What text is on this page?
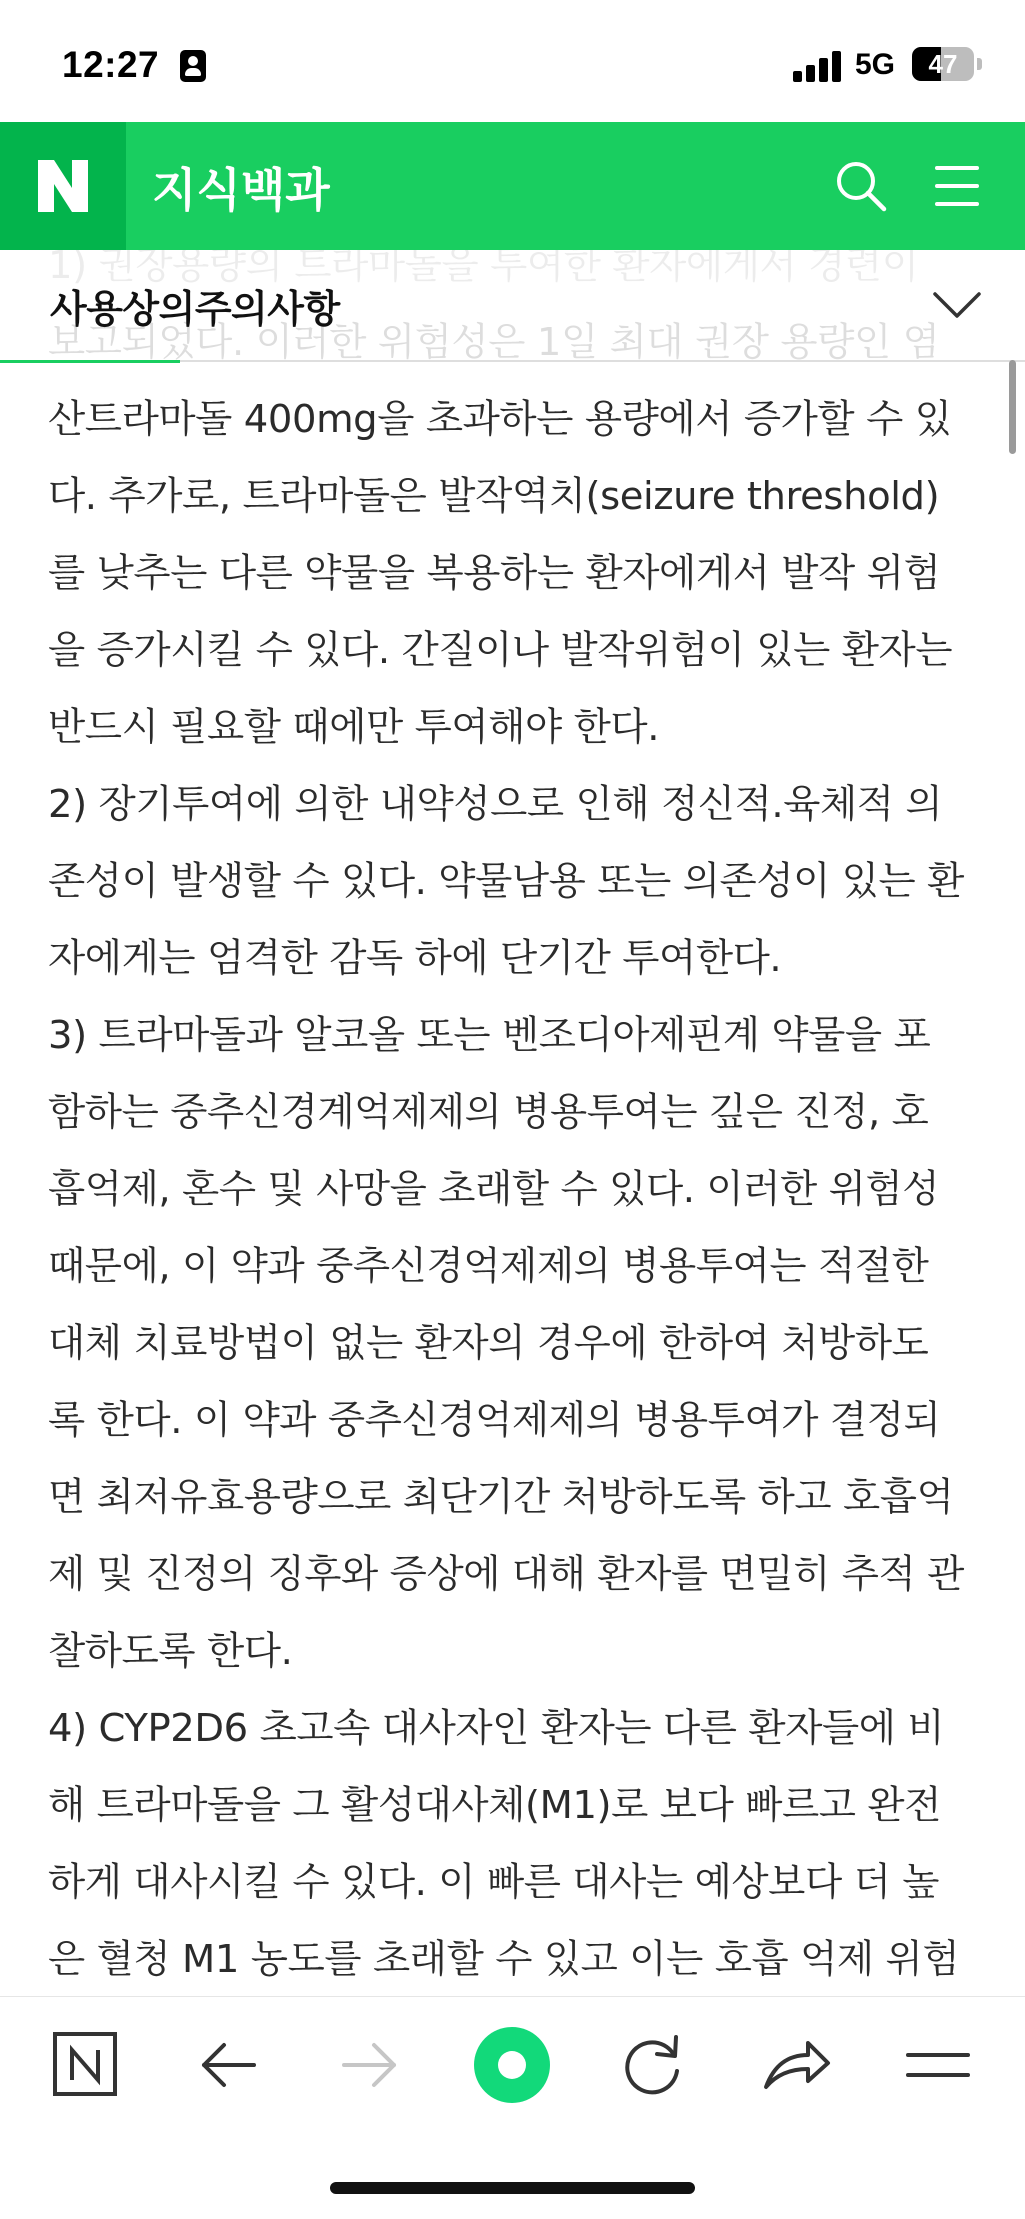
12:27	5G	47
산트라마돌 400mg을 초과하는 용량에서 증가할 수 있
다. 추가로, 트라마돌은 발작역치(seizure threshold)
를 낮추는 다른 약물을 복용하는 환자에게서 발작 위험
을 증가시킬 수 있다. 간질이나 발작위험이 있는 환자는
반드시 필요할 때에만 투여해야 한다.
2) 장기투여에 의한 내약성으로 인해 정신적.육체적 의
존성이 발생할 수 있다. 약물남용 또는 의존성이 있는 환
자에게는 엄격한 감독 하에 단기간 투여한다.
3) 트라마돌과 알코올 또는 벤조디아제핀계 약물을 포
함하는 중추신경계억제제의 병용투여는 깊은 진정, 호
흡억제, 혼수 및 사망을 초래할 수 있다. 이러한 위험성
때문에, 이 약과 중추신경억제제의 병용투여는 적절한
대체 치료방법이 없는 환자의 경우에 한하여 처방하도
록 한다. 이 약과 중추신경억제제의 병용투여가 결정되
면 최저유효용량으로 최단기간 처방하도록 하고 호흡억
제 및 진정의 징후와 증상에 대해 환자를 면밀히 추적 관
찰하도록 한다.
4) CYP2D6 초고속 대사자인 환자는 다른 환자들에 비
해 트라마돌을 그 활성대사체(M1)로 보다 빠르고 완전
하게 대사시킬 수 있다. 이 빠른 대사는 예상보다 더 높
은 혈청 M1 농도를 초래할 수 있고 이는 호흡 억제 위험
지식백과
사용상의주의사항
